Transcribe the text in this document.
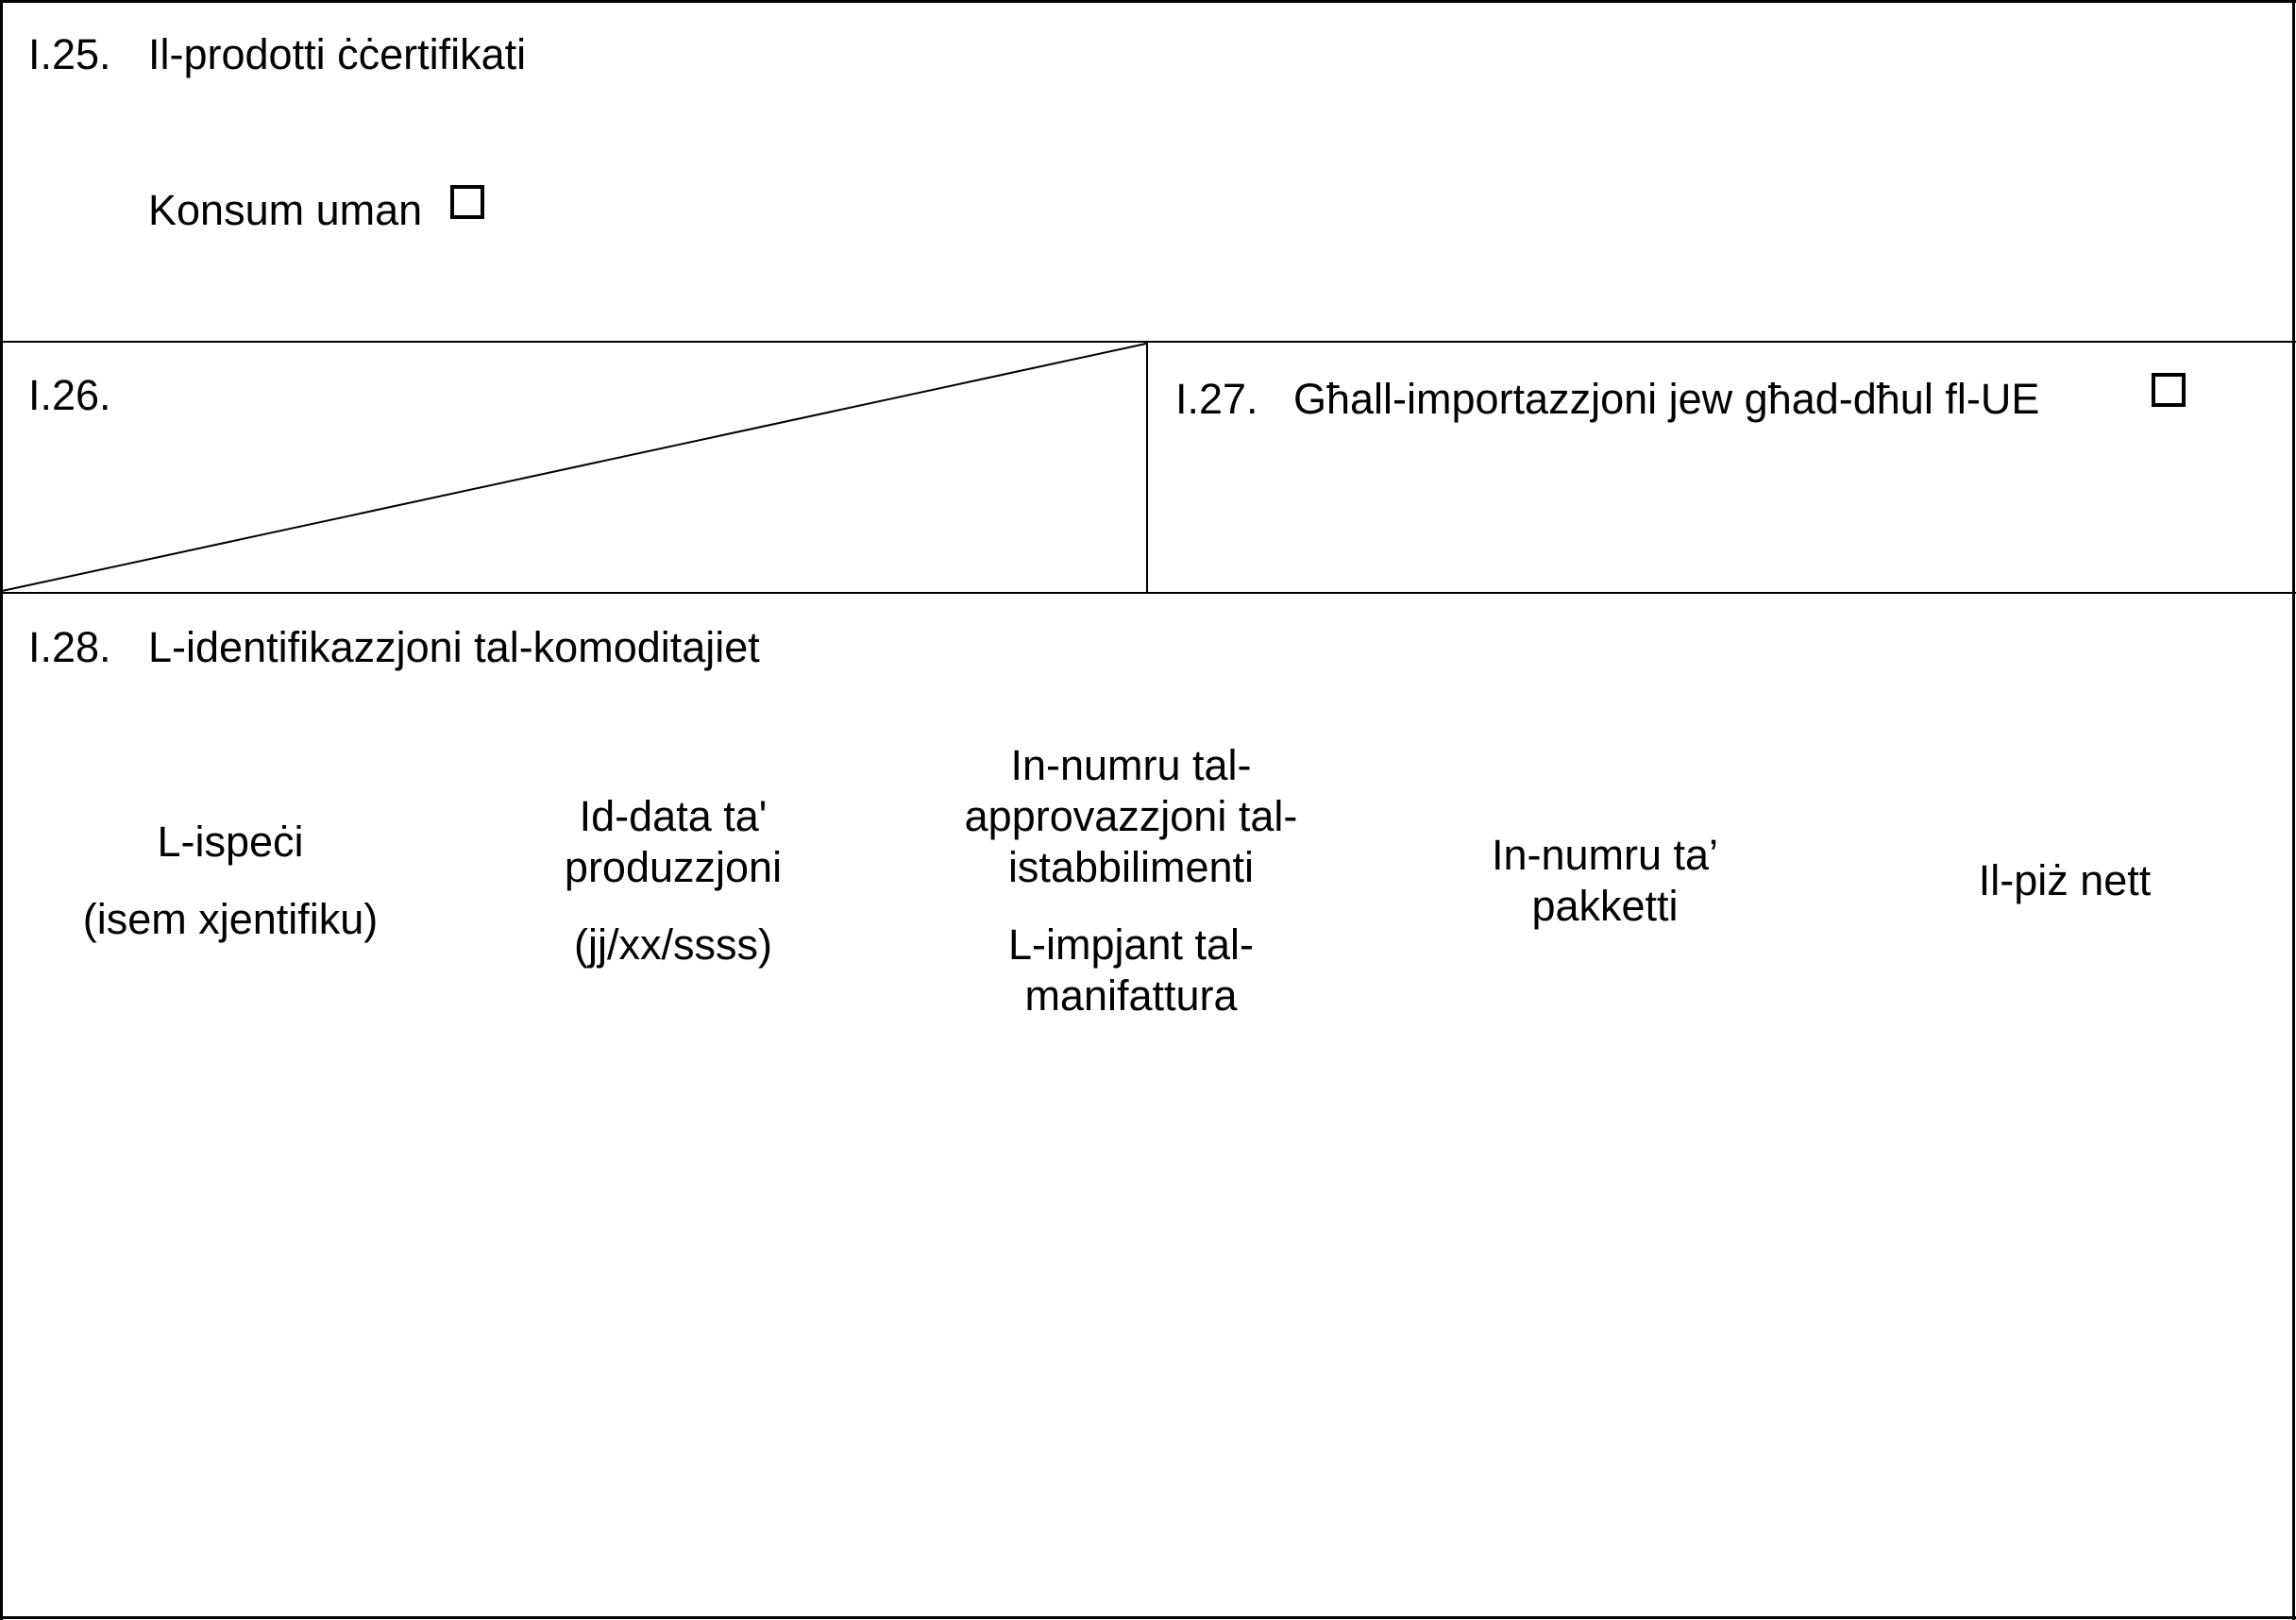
I.25. Il-prodotti ċċertifikati
Konsum uman
I.26.	I.27. Għall-importazzjoni jew għad-dħul fl-UE
I.28. L-identifikazzjoni tal-komoditajiet
L-ispeċi
(isem xjentifiku)
Id-data ta'
produzzjoni
(jj/xx/ssss)
In-numru tal-
approvazzjoni tal-
istabbilimenti
L-impjant tal-
manifattura
In-numru ta’
pakketti
Il-piż nett
